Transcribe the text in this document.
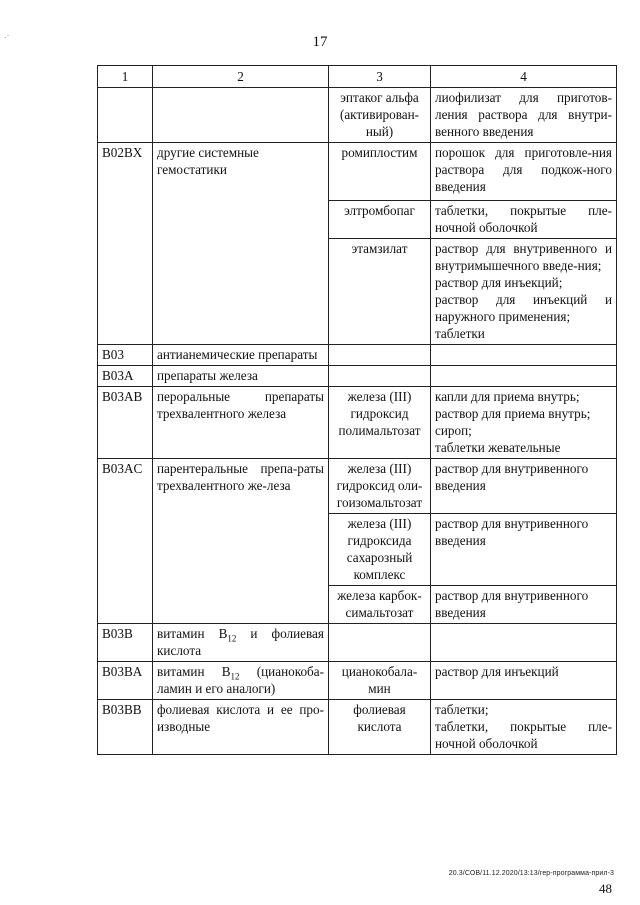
.·	17
1	2	3	4
		эптаког альфа (активирован-ный)	лиофилизат для приготов-ления раствора для внутри-венного введения
B02BX	другие системные гемостатики	ромиплостим	порошок для приготовле-ния раствора для подкож-ного введения
		элтромбопаг	таблетки, покрытые пле-ночной оболочкой
		этамзилат	раствор для внутривенного и внутримышечного введе-ния;
раствор для инъекций;
раствор для инъекций и наружного применения;
таблетки

B03	антианемические препараты		
B03A	препараты железа		
B03AB	пероральные препараты трехвалентного железа	железа (III) гидроксид полимальтозат	капли для приема внутрь;
раствор для приема внутрь;
сироп;
таблетки жевательные

B03AC	парентеральные препа-раты трехвалентного же-леза	железа (III) гидроксид оли-гоизомальтозат	раствор для внутривенного введения
		железа (III) гидроксида сахарозный комплекс	раствор для внутривенного введения
		железа карбок-симальтозат	раствор для внутривенного введения
B03B	витамин $B_{12}$ и фолиевая кислота		
B03BA	витамин $B_{12}$ (цианокоба-ламин и его аналоги)	цианокобала-мин	раствор для инъекций
B03BB	фолиевая кислота и ее про-изводные	фолиевая кислота	таблетки;
таблетки, покрытые пле-ночной оболочкой
20.3/СОВ/11.12.2020/13:13/гер-программа-прил-3
48
